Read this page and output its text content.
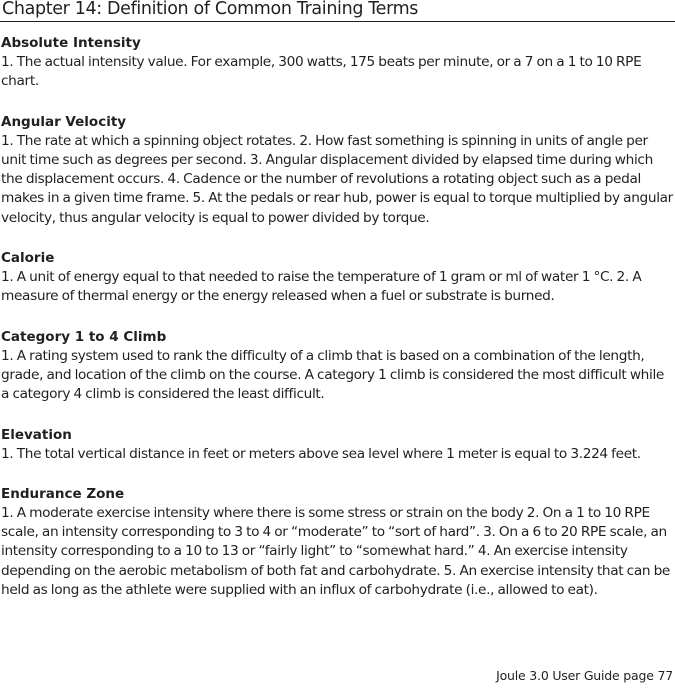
Chapter 14: Definition of Common Training Terms
Absolute Intensity

1. The actual intensity value. For example, 300 watts, 175 beats per minute, or a 7 on a 1 to 10 RPE chart.

Angular Velocity

1. The rate at which a spinning object rotates. 2. How fast something is spinning in units of angle per unit time such as degrees per second. 3. Angular displacement divided by elapsed time during which the displacement occurs. 4. Cadence or the number of revolutions a rotating object such as a pedal makes in a given time frame. 5. At the pedals or rear hub, power is equal to torque multiplied by angular velocity, thus angular velocity is equal to power divided by torque.

Calorie

1. A unit of energy equal to that needed to raise the temperature of 1 gram or ml of water 1 °C. 2. A measure of thermal energy or the energy released when a fuel or substrate is burned.

Category 1 to 4 Climb

1. A rating system used to rank the difficulty of a climb that is based on a combination of the length, grade, and location of the climb on the course. A category 1 climb is considered the most difficult while a category 4 climb is considered the least difficult.

Elevation

1. The total vertical distance in feet or meters above sea level where 1 meter is equal to 3.224 feet.

Endurance Zone

1. A moderate exercise intensity where there is some stress or strain on the body 2. On a 1 to 10 RPE scale, an intensity corresponding to 3 to 4 or “moderate” to “sort of hard”. 3. On a 6 to 20 RPE scale, an intensity corresponding to a 10 to 13 or “fairly light” to “somewhat hard.” 4. An exercise intensity depending on the aerobic metabolism of both fat and carbohydrate. 5. An exercise intensity that can be held as long as the athlete were supplied with an influx of carbohydrate (i.e., allowed to eat).

Joule 3.0 User Guide page 77
